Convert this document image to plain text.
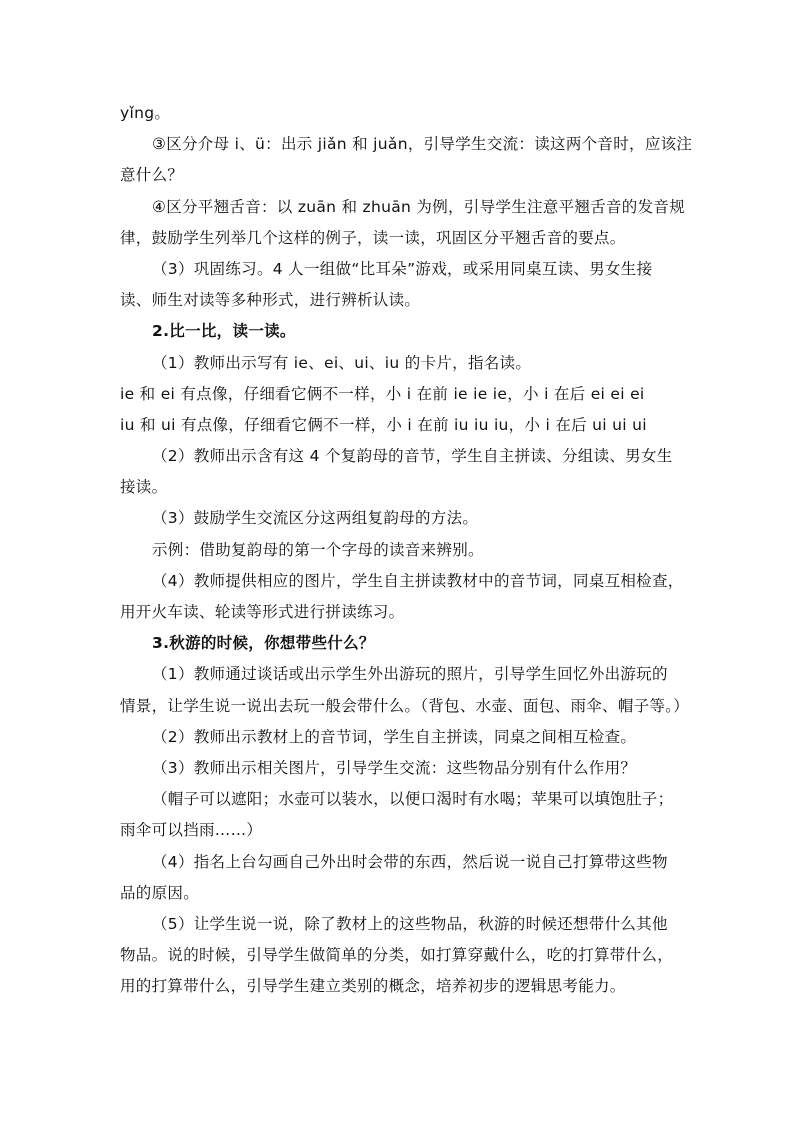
yǐng。
③区分介母 i、ü：出示 jiǎn 和 juǎn，引导学生交流：读这两个音时，应该注
意什么？
④区分平翘舌音：以 zuān 和 zhuān 为例，引导学生注意平翘舌音的发音规
律，鼓励学生列举几个这样的例子，读一读，巩固区分平翘舌音的要点。
（3）巩固练习。4 人一组做“比耳朵”游戏，或采用同桌互读、男女生接
读、师生对读等多种形式，进行辨析认读。
2.比一比，读一读。
（1）教师出示写有 ie、ei、ui、iu 的卡片，指名读。
ie 和 ei 有点像，仔细看它俩不一样，小 i 在前 ie ie ie，小 i 在后 ei ei ei
iu 和 ui 有点像，仔细看它俩不一样，小 i 在前 iu iu iu，小 i 在后 ui ui ui
（2）教师出示含有这 4 个复韵母的音节，学生自主拼读、分组读、男女生
接读。
（3）鼓励学生交流区分这两组复韵母的方法。
示例：借助复韵母的第一个字母的读音来辨别。
（4）教师提供相应的图片，学生自主拼读教材中的音节词，同桌互相检查，
用开火车读、轮读等形式进行拼读练习。
3.秋游的时候，你想带些什么？
（1）教师通过谈话或出示学生外出游玩的照片，引导学生回忆外出游玩的
情景，让学生说一说出去玩一般会带什么。（背包、水壶、面包、雨伞、帽子等。）
（2）教师出示教材上的音节词，学生自主拼读，同桌之间相互检查。
（3）教师出示相关图片，引导学生交流：这些物品分别有什么作用？
（帽子可以遮阳；水壶可以装水，以便口渴时有水喝；苹果可以填饱肚子；
雨伞可以挡雨……）
（4）指名上台勾画自己外出时会带的东西，然后说一说自己打算带这些物
品的原因。
（5）让学生说一说，除了教材上的这些物品，秋游的时候还想带什么其他
物品。说的时候，引导学生做简单的分类，如打算穿戴什么，吃的打算带什么，
用的打算带什么，引导学生建立类别的概念，培养初步的逻辑思考能力。
